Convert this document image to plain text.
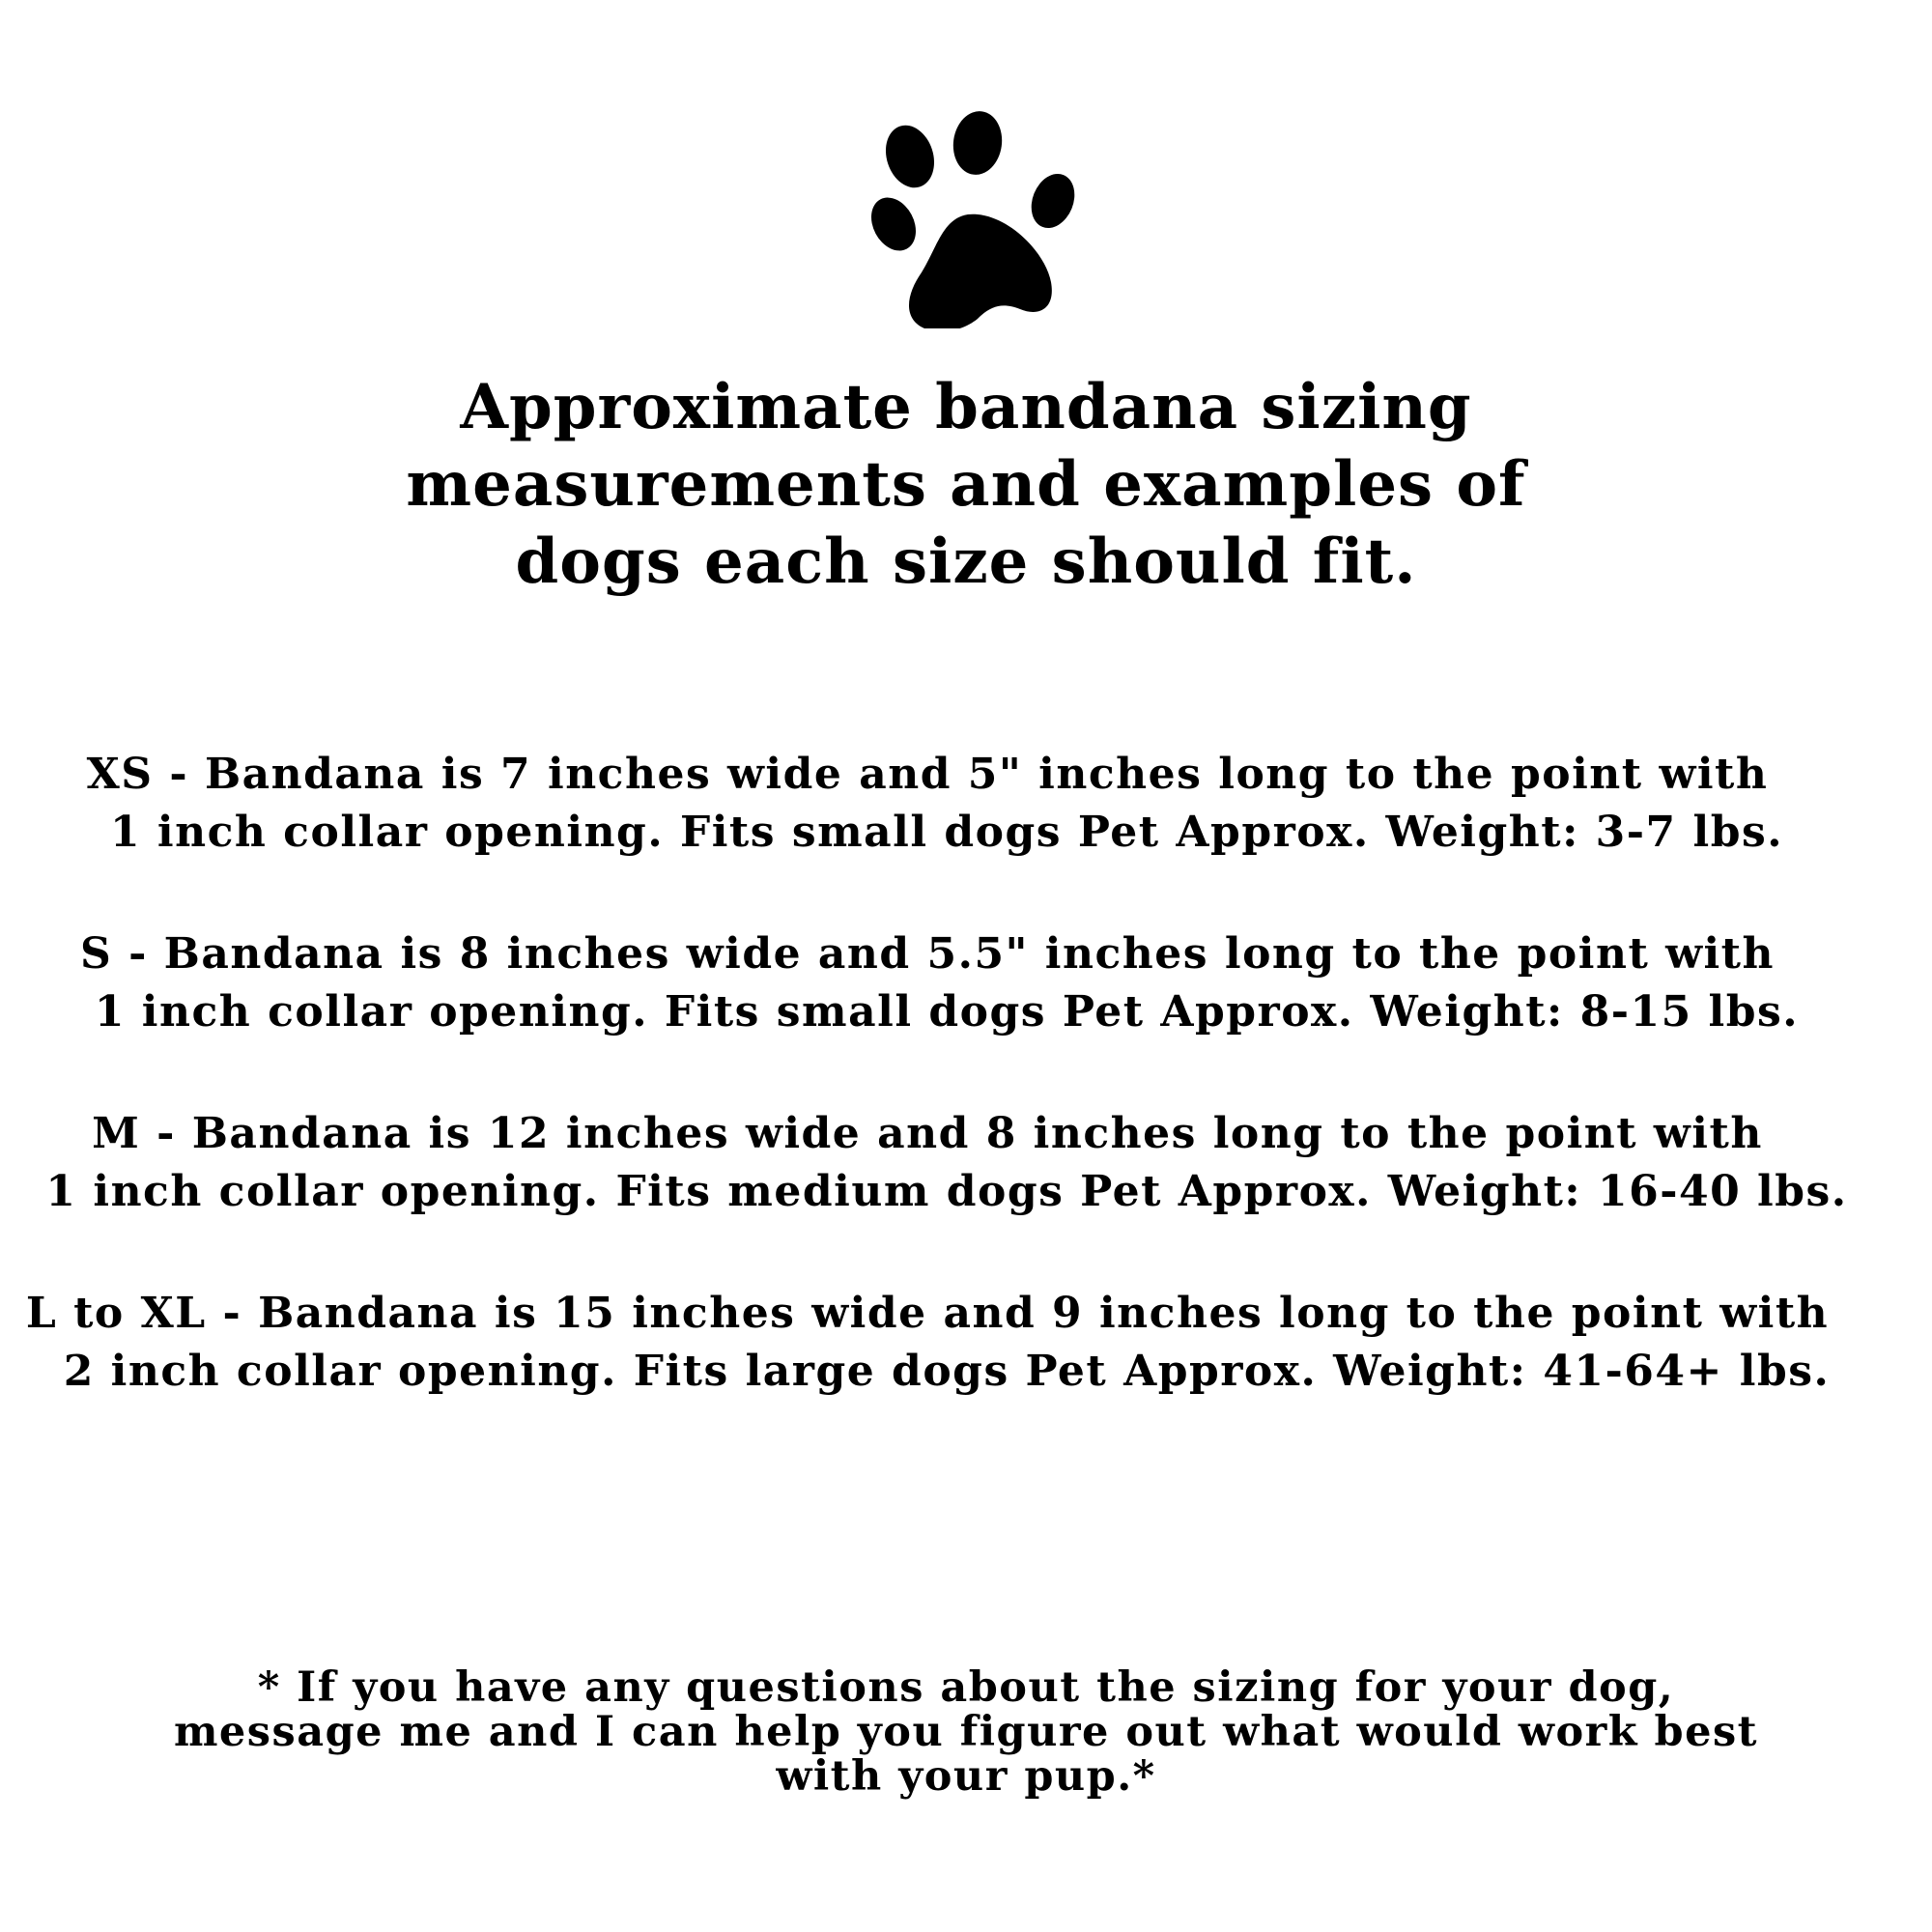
Approximate bandana sizing
measurements and examples of
dogs each size should fit.

XS - Bandana is 7 inches wide and 5" inches long to the point with
1 inch collar opening. Fits small dogs Pet Approx. Weight: 3-7 lbs.

S - Bandana is 8 inches wide and 5.5" inches long to the point with
1 inch collar opening. Fits small dogs Pet Approx. Weight: 8-15 lbs.

M - Bandana is 12 inches wide and 8 inches long to the point with
1 inch collar opening. Fits medium dogs Pet Approx. Weight: 16-40 lbs.

L to XL - Bandana is 15 inches wide and 9 inches long to the point with
2 inch collar opening. Fits large dogs Pet Approx. Weight: 41-64+ lbs.

* If you have any questions about the sizing for your dog,
message me and I can help you figure out what would work best
with your pup.*
